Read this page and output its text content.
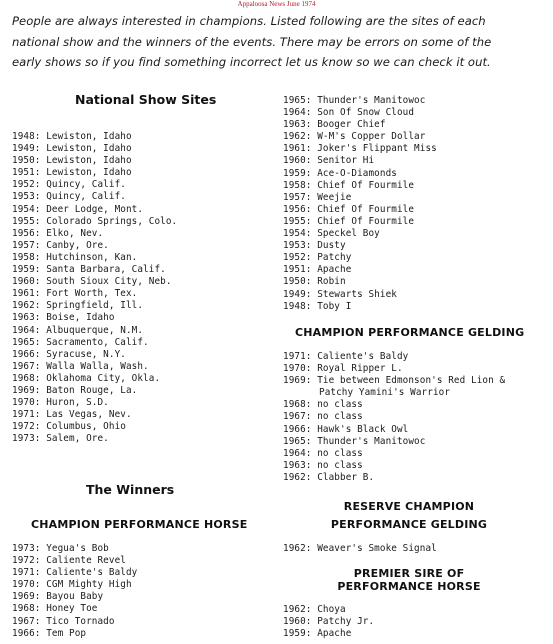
Appaloosa News June 1974
People are always interested in champions. Listed following are the sites of each
national show and the winners of the events. There may be errors on some of the
early shows so if you find something incorrect let us know so we can check it out.
National Show Sites
1948: Lewiston, Idaho
1949: Lewiston, Idaho
1950: Lewiston, Idaho
1951: Lewiston, Idaho
1952: Quincy, Calif.
1953: Quincy, Calif.
1954: Deer Lodge, Mont.
1955: Colorado Springs, Colo.
1956: Elko, Nev.
1957: Canby, Ore.
1958: Hutchinson, Kan.
1959: Santa Barbara, Calif.
1960: South Sioux City, Neb.
1961: Fort Worth, Tex.
1962: Springfield, Ill.
1963: Boise, Idaho
1964: Albuquerque, N.M.
1965: Sacramento, Calif.
1966: Syracuse, N.Y.
1967: Walla Walla, Wash.
1968: Oklahoma City, Okla.
1969: Baton Rouge, La.
1970: Huron, S.D.
1971: Las Vegas, Nev.
1972: Columbus, Ohio
1973: Salem, Ore.
The Winners
CHAMPION PERFORMANCE HORSE
1973: Yegua's Bob
1972: Caliente Revel
1971: Caliente's Baldy
1970: CGM Mighty High
1969: Bayou Baby
1968: Honey Toe
1967: Tico Tornado
1966: Tem Pop
1965: Thunder's Manitowoc
1964: Son Of Snow Cloud
1963: Booger Chief
1962: W-M's Copper Dollar
1961: Joker's Flippant Miss
1960: Senitor Hi
1959: Ace-O-Diamonds
1958: Chief Of Fourmile
1957: Weejie
1956: Chief Of Fourmile
1955: Chief Of Fourmile
1954: Speckel Boy
1953: Dusty
1952: Patchy
1951: Apache
1950: Robin
1949: Stewarts Shiek
1948: Toby I
CHAMPION PERFORMANCE GELDING
1971: Caliente's Baldy
1970: Royal Ripper L.
1969: Tie between Edmonson's Red Lion &
Patchy Yamini's Warrior
1968: no class
1967: no class
1966: Hawk's Black Owl
1965: Thunder's Manitowoc
1964: no class
1963: no class
1962: Clabber B.
RESERVE CHAMPION
PERFORMANCE GELDING
1962: Weaver's Smoke Signal
PREMIER SIRE OF
PERFORMANCE HORSE
1962: Choya
1960: Patchy Jr.
1959: Apache
